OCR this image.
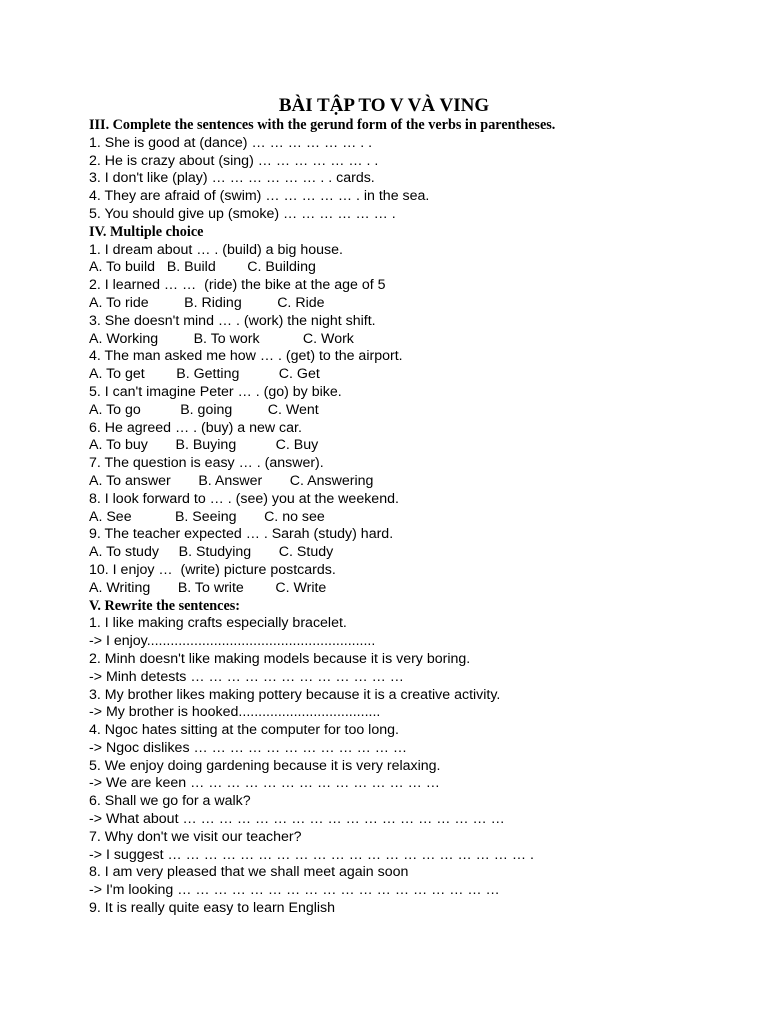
BÀI TẬP TO V VÀ VING
III. Complete the sentences with the gerund form of the verbs in parentheses.
1. She is good at (dance) … … … … … … . .
2. He is crazy about (sing) … … … … … … . .
3. I don't like (play) … … … … … … . . cards.
4. They are afraid of (swim) … … … … … . in the sea.
5. You should give up (smoke) … … … … … … .
IV. Multiple choice
1. I dream about … . (build) a big house.
A. To build   B. Build        C. Building
2. I learned … …  (ride) the bike at the age of 5
A. To ride         B. Riding         C. Ride
3. She doesn't mind … . (work) the night shift.
A. Working         B. To work           C. Work
4. The man asked me how … . (get) to the airport.
A. To get        B. Getting          C. Get
5. I can't imagine Peter … . (go) by bike.
A. To go          B. going         C. Went
6. He agreed … . (buy) a new car.
A. To buy       B. Buying          C. Buy
7. The question is easy … . (answer).
A. To answer       B. Answer       C. Answering
8. I look forward to … . (see) you at the weekend.
A. See           B. Seeing       C. no see
9. The teacher expected … . Sarah (study) hard.
A. To study     B. Studying       C. Study
10. I enjoy …  (write) picture postcards.
A. Writing       B. To write        C. Write
V. Rewrite the sentences:
1. I like making crafts especially bracelet.
-> I enjoy..........................................................
2. Minh doesn't like making models because it is very boring.
-> Minh detests … … … … … … … … … … … …
3. My brother likes making pottery because it is a creative activity.
-> My brother is hooked....................................
4. Ngoc hates sitting at the computer for too long.
-> Ngoc dislikes … … … … … … … … … … … …
5. We enjoy doing gardening because it is very relaxing.
-> We are keen … … … … … … … … … … … … … …
6. Shall we go for a walk?
-> What about … … … … … … … … … … … … … … … … … …
7. Why don't we visit our teacher?
-> I suggest … … … … … … … … … … … … … … … … … … … … .
8. I am very pleased that we shall meet again soon
-> I'm looking … … … … … … … … … … … … … … … … … …
9. It is really quite easy to learn English
